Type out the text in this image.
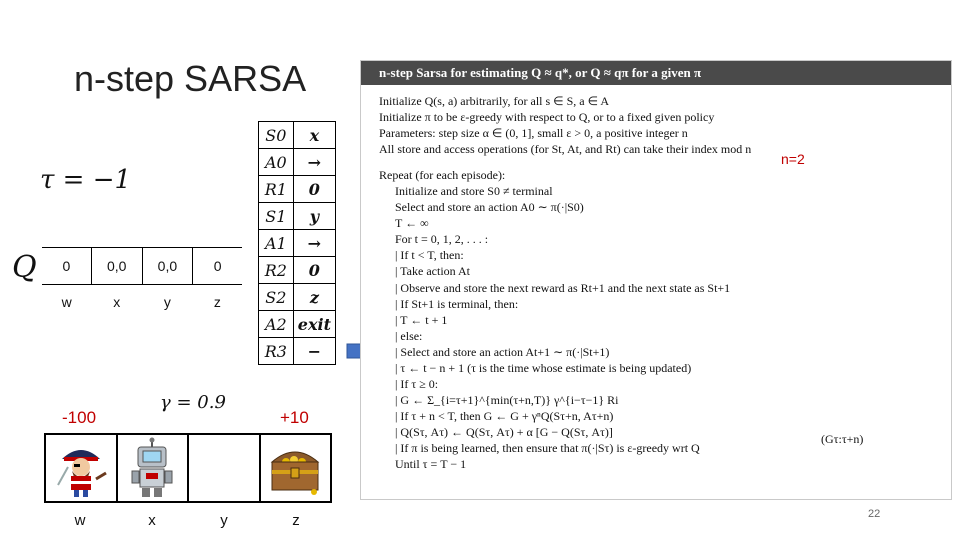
n-step SARSA
τ = −1
Q 0	0,0	0,0	0
w	x	y	z
γ = 0.9
-100	+10
w	x	y	z
S0	x
A0	→
R1	0
S1	y
A1	→
R2	0
S2	z
A2	exit
R3	−
n-step Sarsa for estimating Q ≈ q*, or Q ≈ qπ for a given π
n=2
(Gτ:τ+n)
Initialize Q(s, a) arbitrarily, for all s ∈ S, a ∈ A
Initialize π to be ε-greedy with respect to Q, or to a fixed given policy
Parameters: step size α ∈ (0, 1], small ε > 0, a positive integer n
All store and access operations (for St, At, and Rt) can take their index mod n
Repeat (for each episode):
Initialize and store S0 ≠ terminal
Select and store an action A0 ∼ π(·|S0)
T ← ∞
For t = 0, 1, 2, . . . :
| If t < T, then:
| Take action At
| Observe and store the next reward as Rt+1 and the next state as St+1
| If St+1 is terminal, then:
| T ← t + 1
| else:
| Select and store an action At+1 ∼ π(·|St+1)
| τ ← t − n + 1 (τ is the time whose estimate is being updated)
| If τ ≥ 0:
| G ← Σ_{i=τ+1}^{min(τ+n,T)} γ^{i−τ−1} Ri
| If τ + n < T, then G ← G + γⁿQ(Sτ+n, Aτ+n)
| Q(Sτ, Aτ) ← Q(Sτ, Aτ) + α [G − Q(Sτ, Aτ)]
| If π is being learned, then ensure that π(·|Sτ) is ε-greedy wrt Q
Until τ = T − 1
22
